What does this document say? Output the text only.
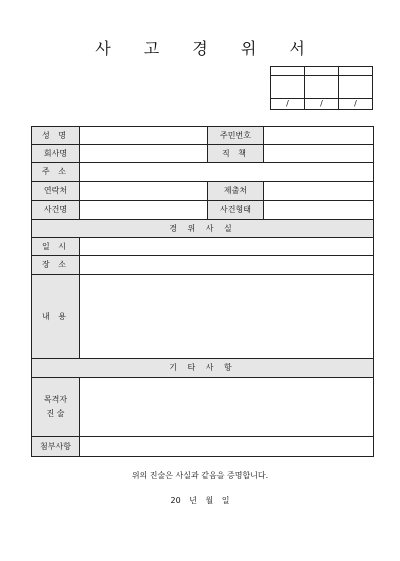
사 고 경 위 서

/	/	/
성 명		주민번호	
회사명		직 책	
주 소			
연락처		제출처	
사건명		사건형태	
경 위 사 실			
일 시			
장 소			
내 용			
기 타 사 항			

목격자
진 술			

첨부사항			
위의 진술은 사실과 같음을 증명합니다.
20 년 월 일
